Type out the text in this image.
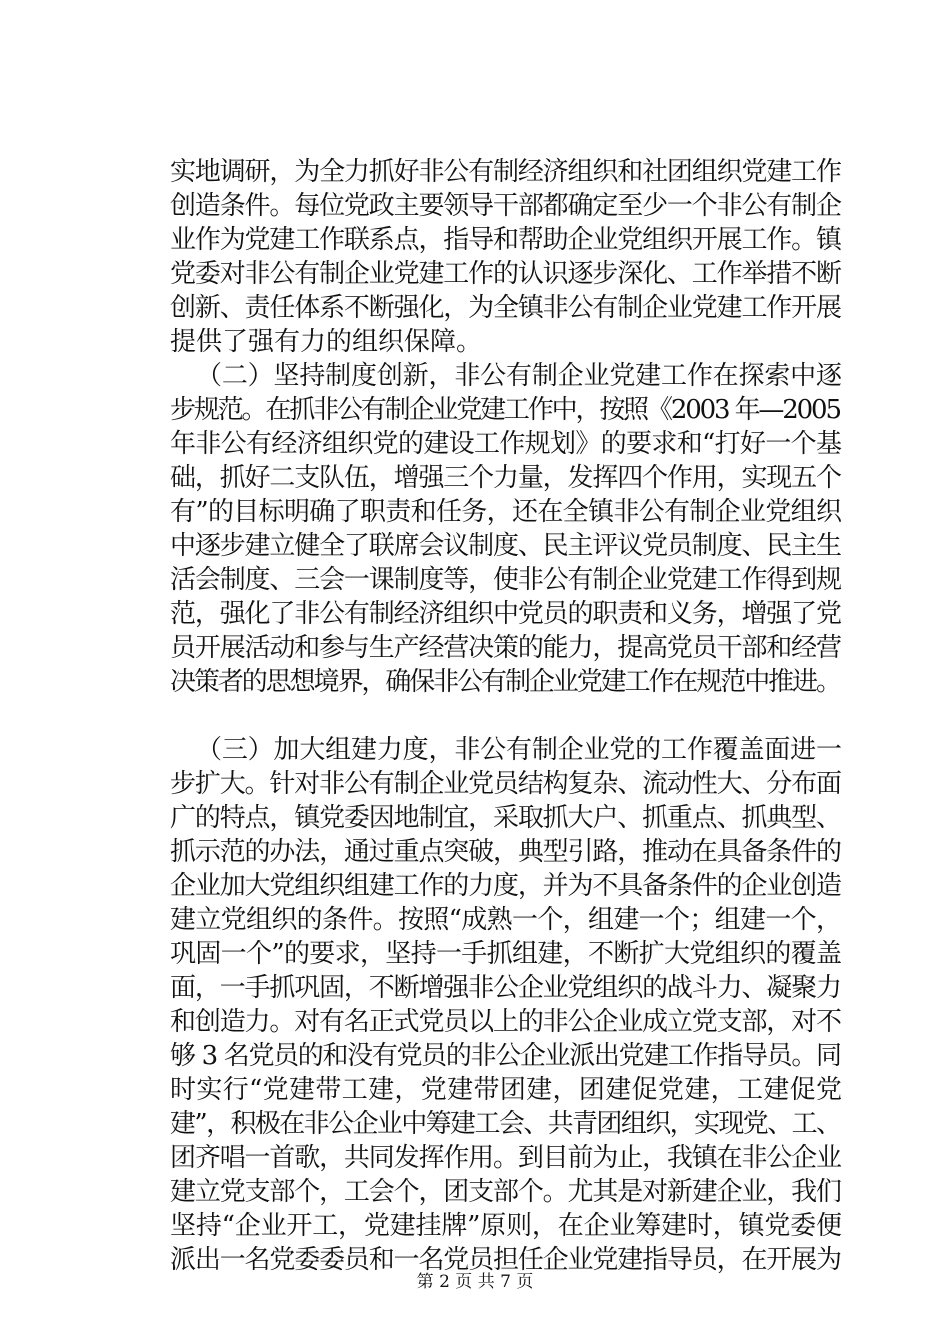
实地调研，为全力抓好非公有制经济组织和社团组织党建工作
创造条件。每位党政主要领导干部都确定至少一个非公有制企
业作为党建工作联系点，指导和帮助企业党组织开展工作。镇
党委对非公有制企业党建工作的认识逐步深化、工作举措不断
创新、责任体系不断强化，为全镇非公有制企业党建工作开展
提供了强有力的组织保障。
（二）坚持制度创新，非公有制企业党建工作在探索中逐
步规范。在抓非公有制企业党建工作中，按照《2003 年—2005
年非公有经济组织党的建设工作规划》的要求和“打好一个基
础，抓好二支队伍，增强三个力量，发挥四个作用，实现五个
有”的目标明确了职责和任务，还在全镇非公有制企业党组织
中逐步建立健全了联席会议制度、民主评议党员制度、民主生
活会制度、三会一课制度等，使非公有制企业党建工作得到规
范，强化了非公有制经济组织中党员的职责和义务，增强了党
员开展活动和参与生产经营决策的能力，提高党员干部和经营
决策者的思想境界，确保非公有制企业党建工作在规范中推进。
（三）加大组建力度，非公有制企业党的工作覆盖面进一
步扩大。针对非公有制企业党员结构复杂、流动性大、分布面
广的特点，镇党委因地制宜，采取抓大户、抓重点、抓典型、
抓示范的办法，通过重点突破，典型引路，推动在具备条件的
企业加大党组织组建工作的力度，并为不具备条件的企业创造
建立党组织的条件。按照“成熟一个，组建一个；组建一个，
巩固一个”的要求，坚持一手抓组建，不断扩大党组织的覆盖
面，一手抓巩固，不断增强非公企业党组织的战斗力、凝聚力
和创造力。对有名正式党员以上的非公企业成立党支部，对不
够 3 名党员的和没有党员的非公企业派出党建工作指导员。同
时实行“党建带工建，党建带团建，团建促党建，工建促党
建”，积极在非公企业中筹建工会、共青团组织，实现党、工、
团齐唱一首歌，共同发挥作用。到目前为止，我镇在非公企业
建立党支部个，工会个，团支部个。尤其是对新建企业，我们
坚持“企业开工，党建挂牌”原则，在企业筹建时，镇党委便
派出一名党委委员和一名党员担任企业党建指导员，在开展为
第 2 页 共 7 页
